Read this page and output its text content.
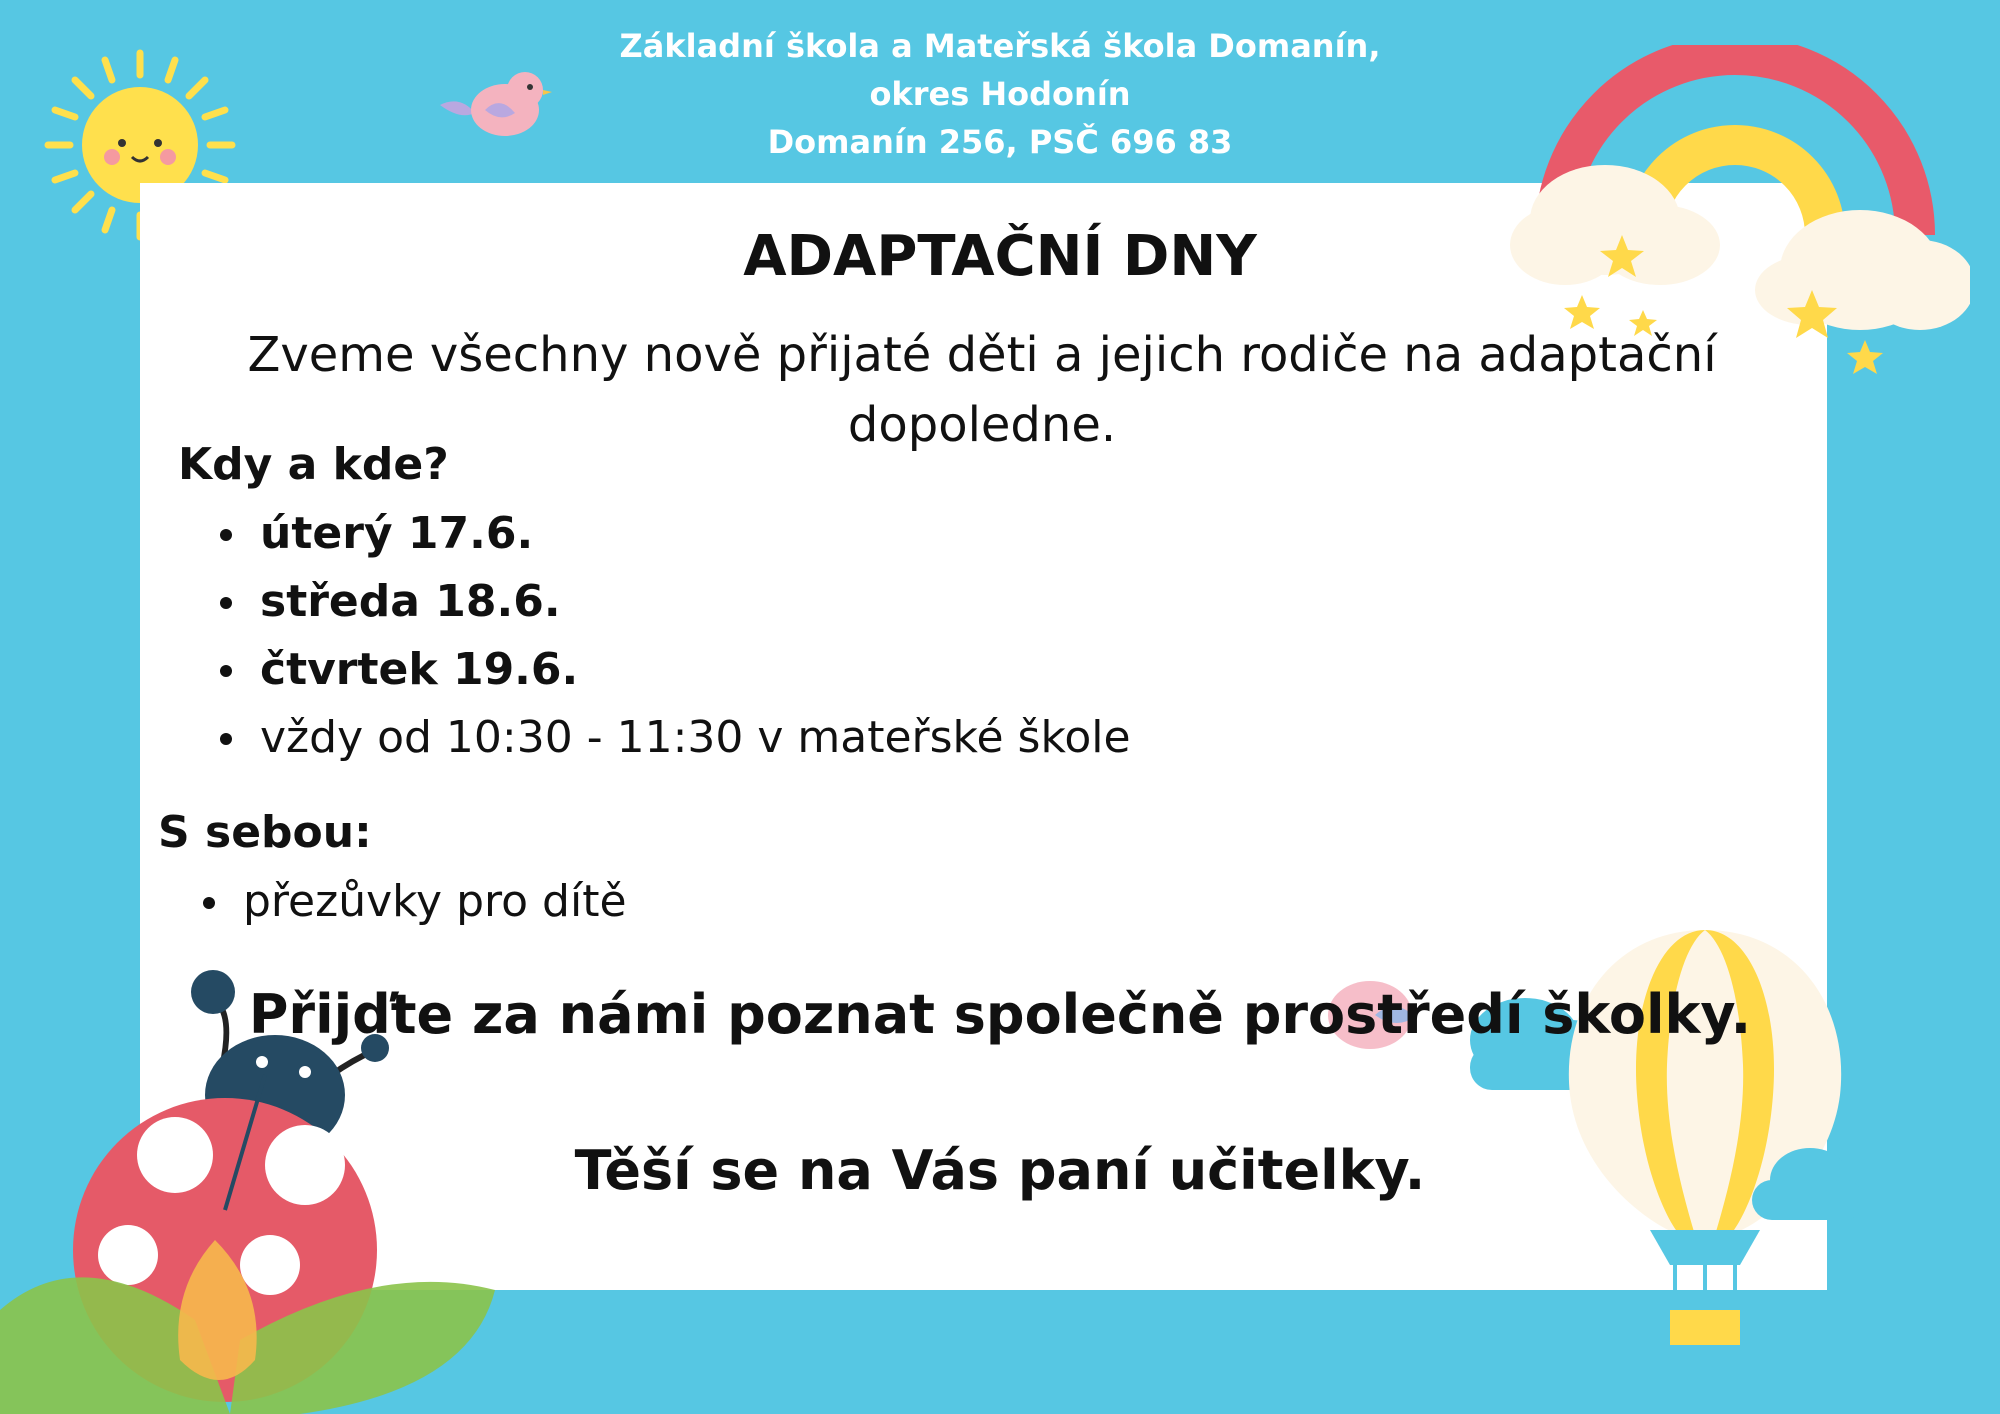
Základní škola a Mateřská škola Domanín,
okres Hodonín
Domanín 256, PSČ 696 83
ADAPTAČNÍ DNY
Zveme všechny nově přijaté děti a jejich rodiče na adaptační dopoledne.
Kdy a kde?
úterý 17.6.
středa 18.6.
čtvrtek 19.6.
vždy od 10:30 - 11:30 v mateřské škole
S sebou:
přezůvky pro dítě
Přijďte za námi poznat společně prostředí školky.
Těší se na Vás paní učitelky.
